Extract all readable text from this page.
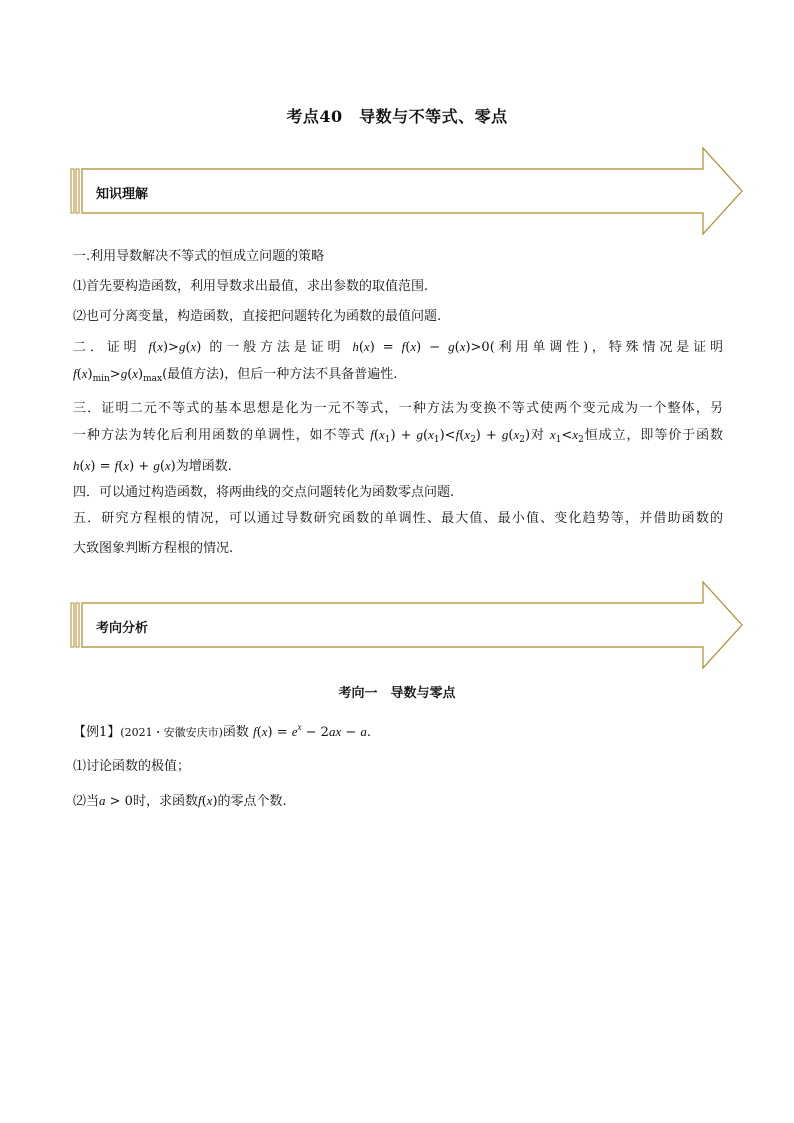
考点40　导数与不等式、零点
知识理解

一.利用导数解决不等式的恒成立问题的策略

⑴首先要构造函数，利用导数求出最值，求出参数的取值范围.

⑵也可分离变量，构造函数，直接把问题转化为函数的最值问题.

二．证明 f(x)>g(x) 的一般方法是证明 h(x) = f(x) − g(x)>0(利用单调性)，特殊情况是证明

$f(x)_{min}>g(x)_{max}$(最值方法)，但后一种方法不具备普遍性.

三．证明二元不等式的基本思想是化为一元不等式，一种方法为变换不等式使两个变元成为一个整体，另

一种方法为转化后利用函数的单调性，如不等式 $f(x_1) + g(x_1)<f(x_2) + g(x_2)$对 $x_1<x_2$恒成立，即等价于函数

h(x) = f(x) + g(x)为增函数.

四．可以通过构造函数，将两曲线的交点问题转化为函数零点问题.

五．研究方程根的情况，可以通过导数研究函数的单调性、最大值、最小值、变化趋势等，并借助函数的

大致图象判断方程根的情况.

考向分析
考向一　导数与零点

【例1】(2021・安徽安庆市)函数 $f(x) = e^x - 2ax - a$.

⑴讨论函数的极值；

⑵当a > 0时，求函数f(x)的零点个数.
